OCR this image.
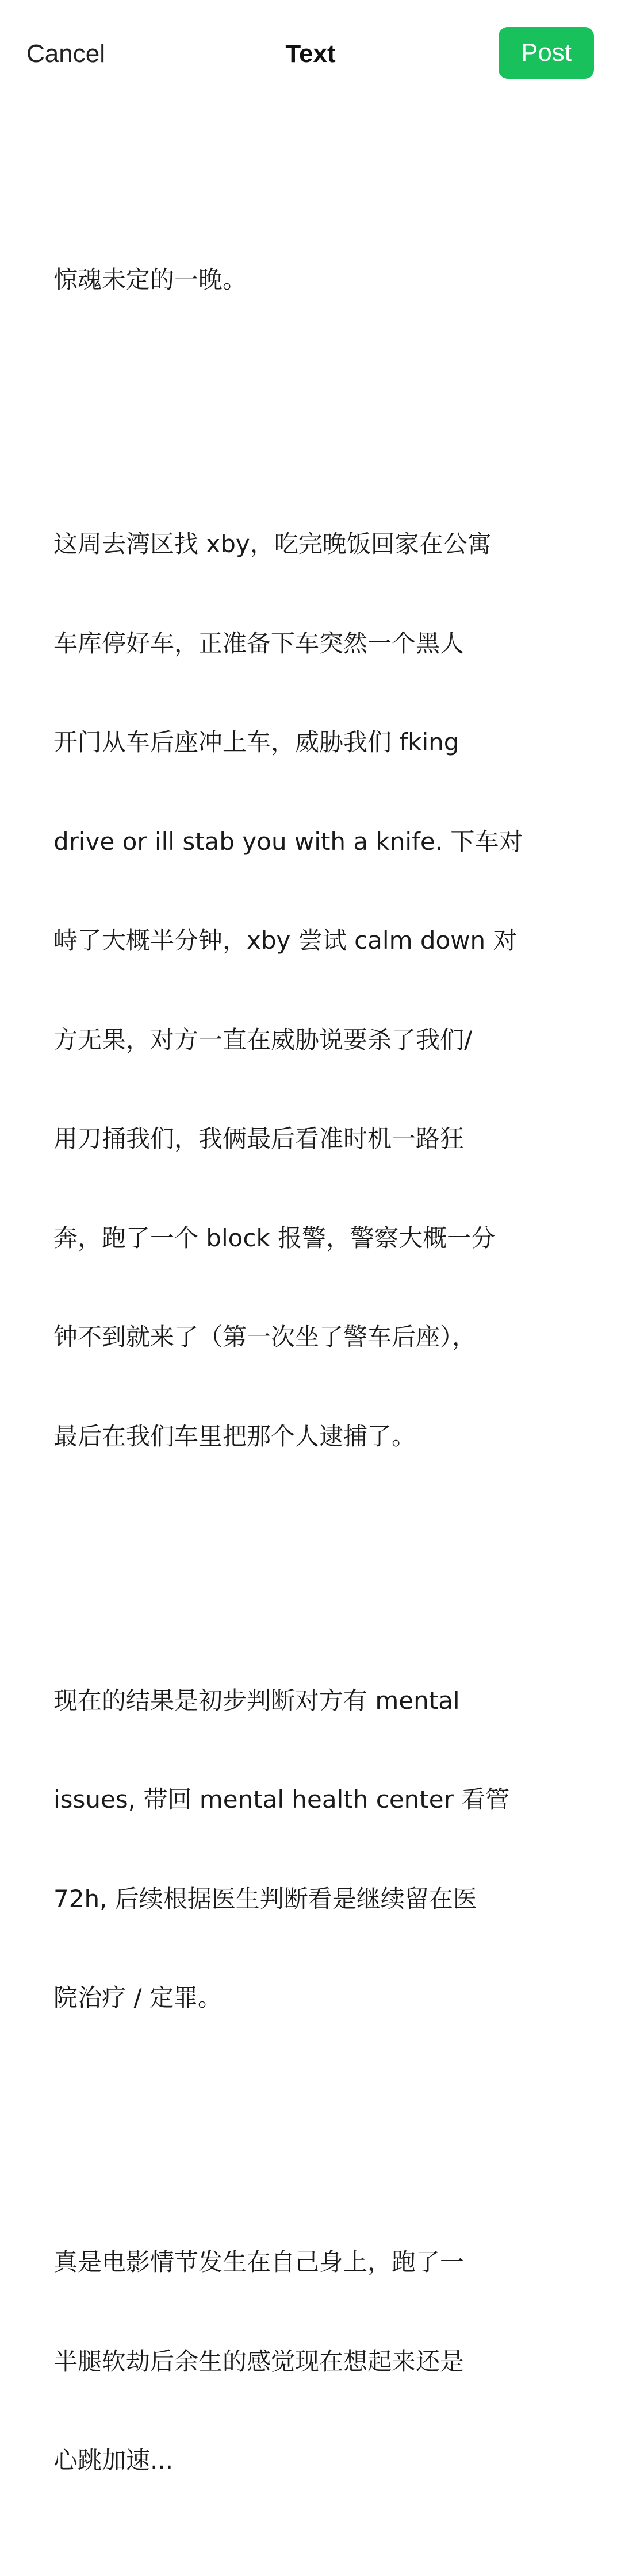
Cancel	Text	Post

惊魂未定的一晚。

这周去湾区找 xby，吃完晚饭回家在公寓

车库停好车，正准备下车突然一个黑人

开门从车后座冲上车，威胁我们 fking

drive or ill stab you with a knife. 下车对

峙了大概半分钟，xby 尝试 calm down 对

方无果，对方一直在威胁说要杀了我们/

用刀捅我们，我俩最后看准时机一路狂

奔，跑了一个 block 报警，警察大概一分

钟不到就来了（第一次坐了警车后座），

最后在我们车里把那个人逮捕了。

现在的结果是初步判断对方有 mental

issues, 带回 mental health center 看管

72h, 后续根据医生判断看是继续留在医

院治疗 / 定罪。

真是电影情节发生在自己身上，跑了一

半腿软劫后余生的感觉现在想起来还是

心跳加速...
